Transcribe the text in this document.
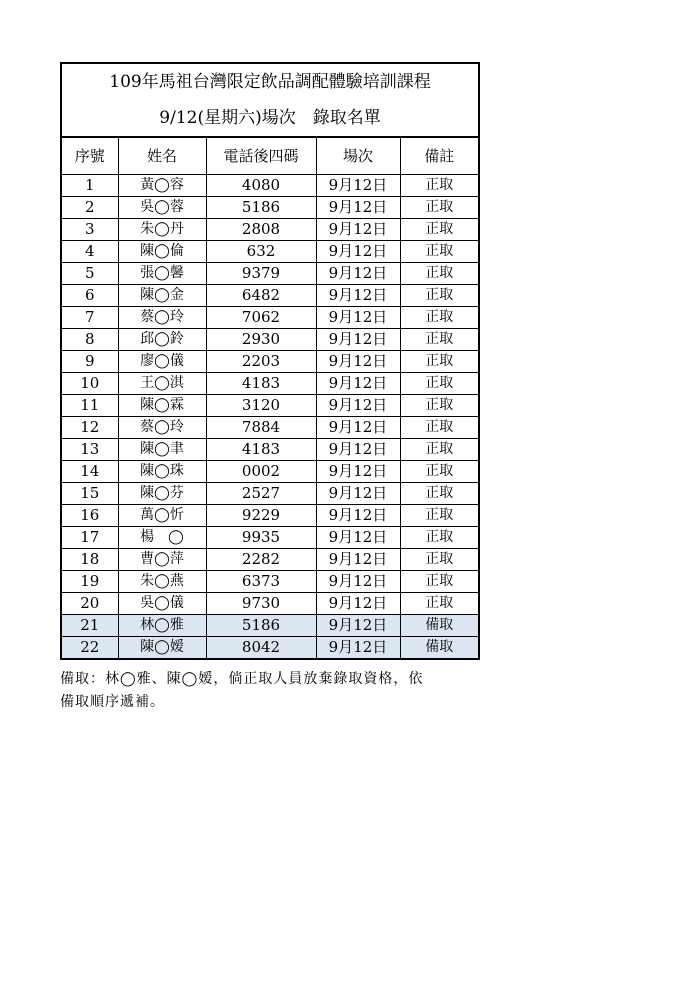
109年馬祖台灣限定飲品調配體驗培訓課程				
9/12(星期六)場次　錄取名單				
序號	姓名	電話後四碼	場次	備註
1	黃◯容	4080	9月12日	正取
2	吳◯蓉	5186	9月12日	正取
3	朱◯丹	2808	9月12日	正取
4	陳◯倫	632	9月12日	正取
5	張◯馨	9379	9月12日	正取
6	陳◯金	6482	9月12日	正取
7	蔡◯玲	7062	9月12日	正取
8	邱◯鈴	2930	9月12日	正取
9	廖◯儀	2203	9月12日	正取
10	王◯淇	4183	9月12日	正取
11	陳◯霖	3120	9月12日	正取
12	蔡◯玲	7884	9月12日	正取
13	陳◯聿	4183	9月12日	正取
14	陳◯珠	0002	9月12日	正取
15	陳◯芬	2527	9月12日	正取
16	萬◯忻	9229	9月12日	正取
17	楊　◯	9935	9月12日	正取
18	曹◯萍	2282	9月12日	正取
19	朱◯燕	6373	9月12日	正取
20	吳◯儀	9730	9月12日	正取
21	林◯雅	5186	9月12日	備取
22	陳◯嫒	8042	9月12日	備取
備取：林◯雅、陳◯嫒，倘正取人員放棄錄取資格，依
備取順序遞補。
